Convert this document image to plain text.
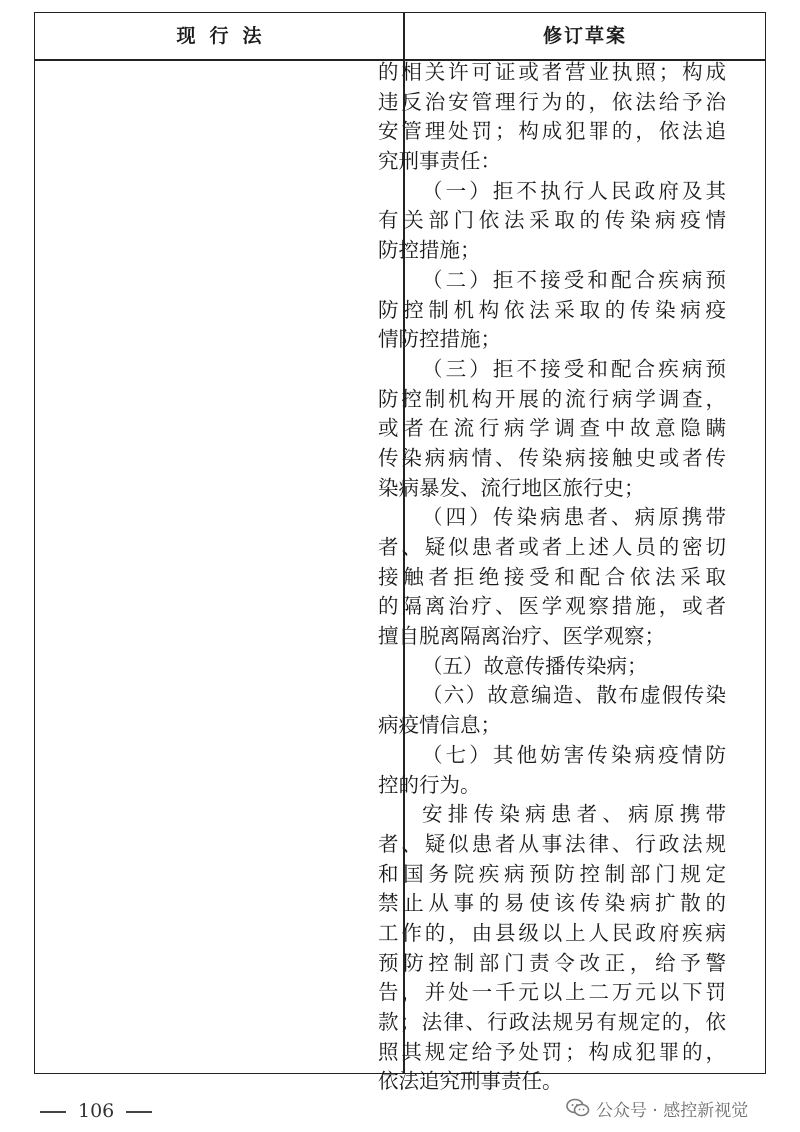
现行法	修订草案
的相关许可证或者营业执照；构成
违反治安管理行为的，依法给予治
安管理处罚；构成犯罪的，依法追
究刑事责任：
（一）拒不执行人民政府及其
有关部门依法采取的传染病疫情
防控措施；
（二）拒不接受和配合疾病预
防控制机构依法采取的传染病疫
情防控措施；
（三）拒不接受和配合疾病预
防控制机构开展的流行病学调查，
或者在流行病学调查中故意隐瞒
传染病病情、传染病接触史或者传
染病暴发、流行地区旅行史；
（四）传染病患者、病原携带
者、疑似患者或者上述人员的密切
接触者拒绝接受和配合依法采取
的隔离治疗、医学观察措施，或者
擅自脱离隔离治疗、医学观察；
（五）故意传播传染病；
（六）故意编造、散布虚假传染
病疫情信息；
（七）其他妨害传染病疫情防
控的行为。
安排传染病患者、病原携带
者、疑似患者从事法律、行政法规
和国务院疾病预防控制部门规定
禁止从事的易使该传染病扩散的
工作的，由县级以上人民政府疾病
预防控制部门责令改正，给予警
告，并处一千元以上二万元以下罚
款；法律、行政法规另有规定的，依
照其规定给予处罚；构成犯罪的，
依法追究刑事责任。
106	公众号 · 感控新视觉
